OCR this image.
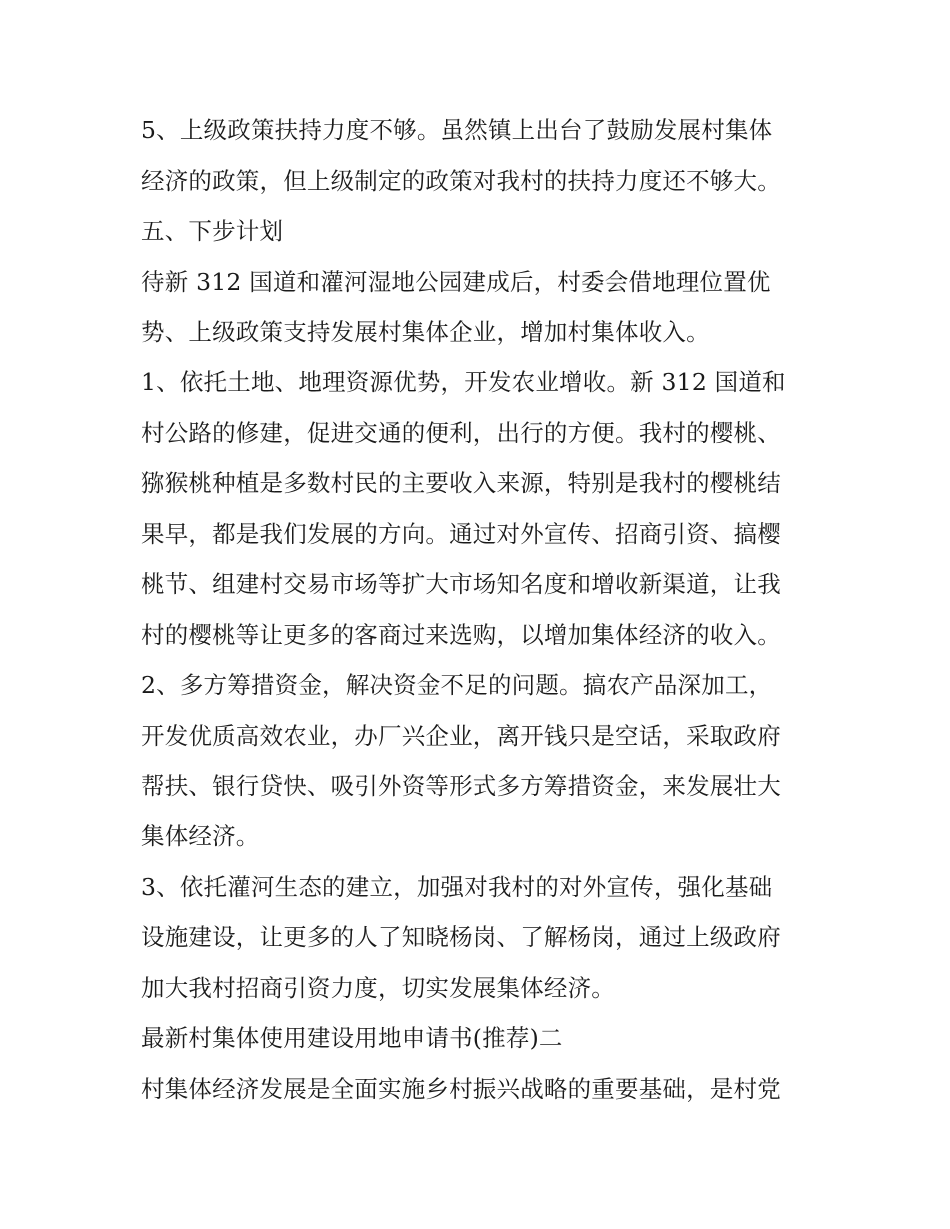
5、上级政策扶持力度不够。虽然镇上出台了鼓励发展村集体
经济的政策，但上级制定的政策对我村的扶持力度还不够大。
五、下步计划
待新 312 国道和灌河湿地公园建成后，村委会借地理位置优
势、上级政策支持发展村集体企业，增加村集体收入。
1、依托土地、地理资源优势，开发农业增收。新 312 国道和
村公路的修建，促进交通的便利，出行的方便。我村的樱桃、
猕猴桃种植是多数村民的主要收入来源，特别是我村的樱桃结
果早，都是我们发展的方向。通过对外宣传、招商引资、搞樱
桃节、组建村交易市场等扩大市场知名度和增收新渠道，让我
村的樱桃等让更多的客商过来选购，以增加集体经济的收入。
2、多方筹措资金，解决资金不足的问题。搞农产品深加工，
开发优质高效农业，办厂兴企业，离开钱只是空话，采取政府
帮扶、银行贷快、吸引外资等形式多方筹措资金，来发展壮大
集体经济。
3、依托灌河生态的建立，加强对我村的对外宣传，强化基础
设施建设，让更多的人了知晓杨岗、了解杨岗，通过上级政府
加大我村招商引资力度，切实发展集体经济。
最新村集体使用建设用地申请书(推荐)二
村集体经济发展是全面实施乡村振兴战略的重要基础，是村党
